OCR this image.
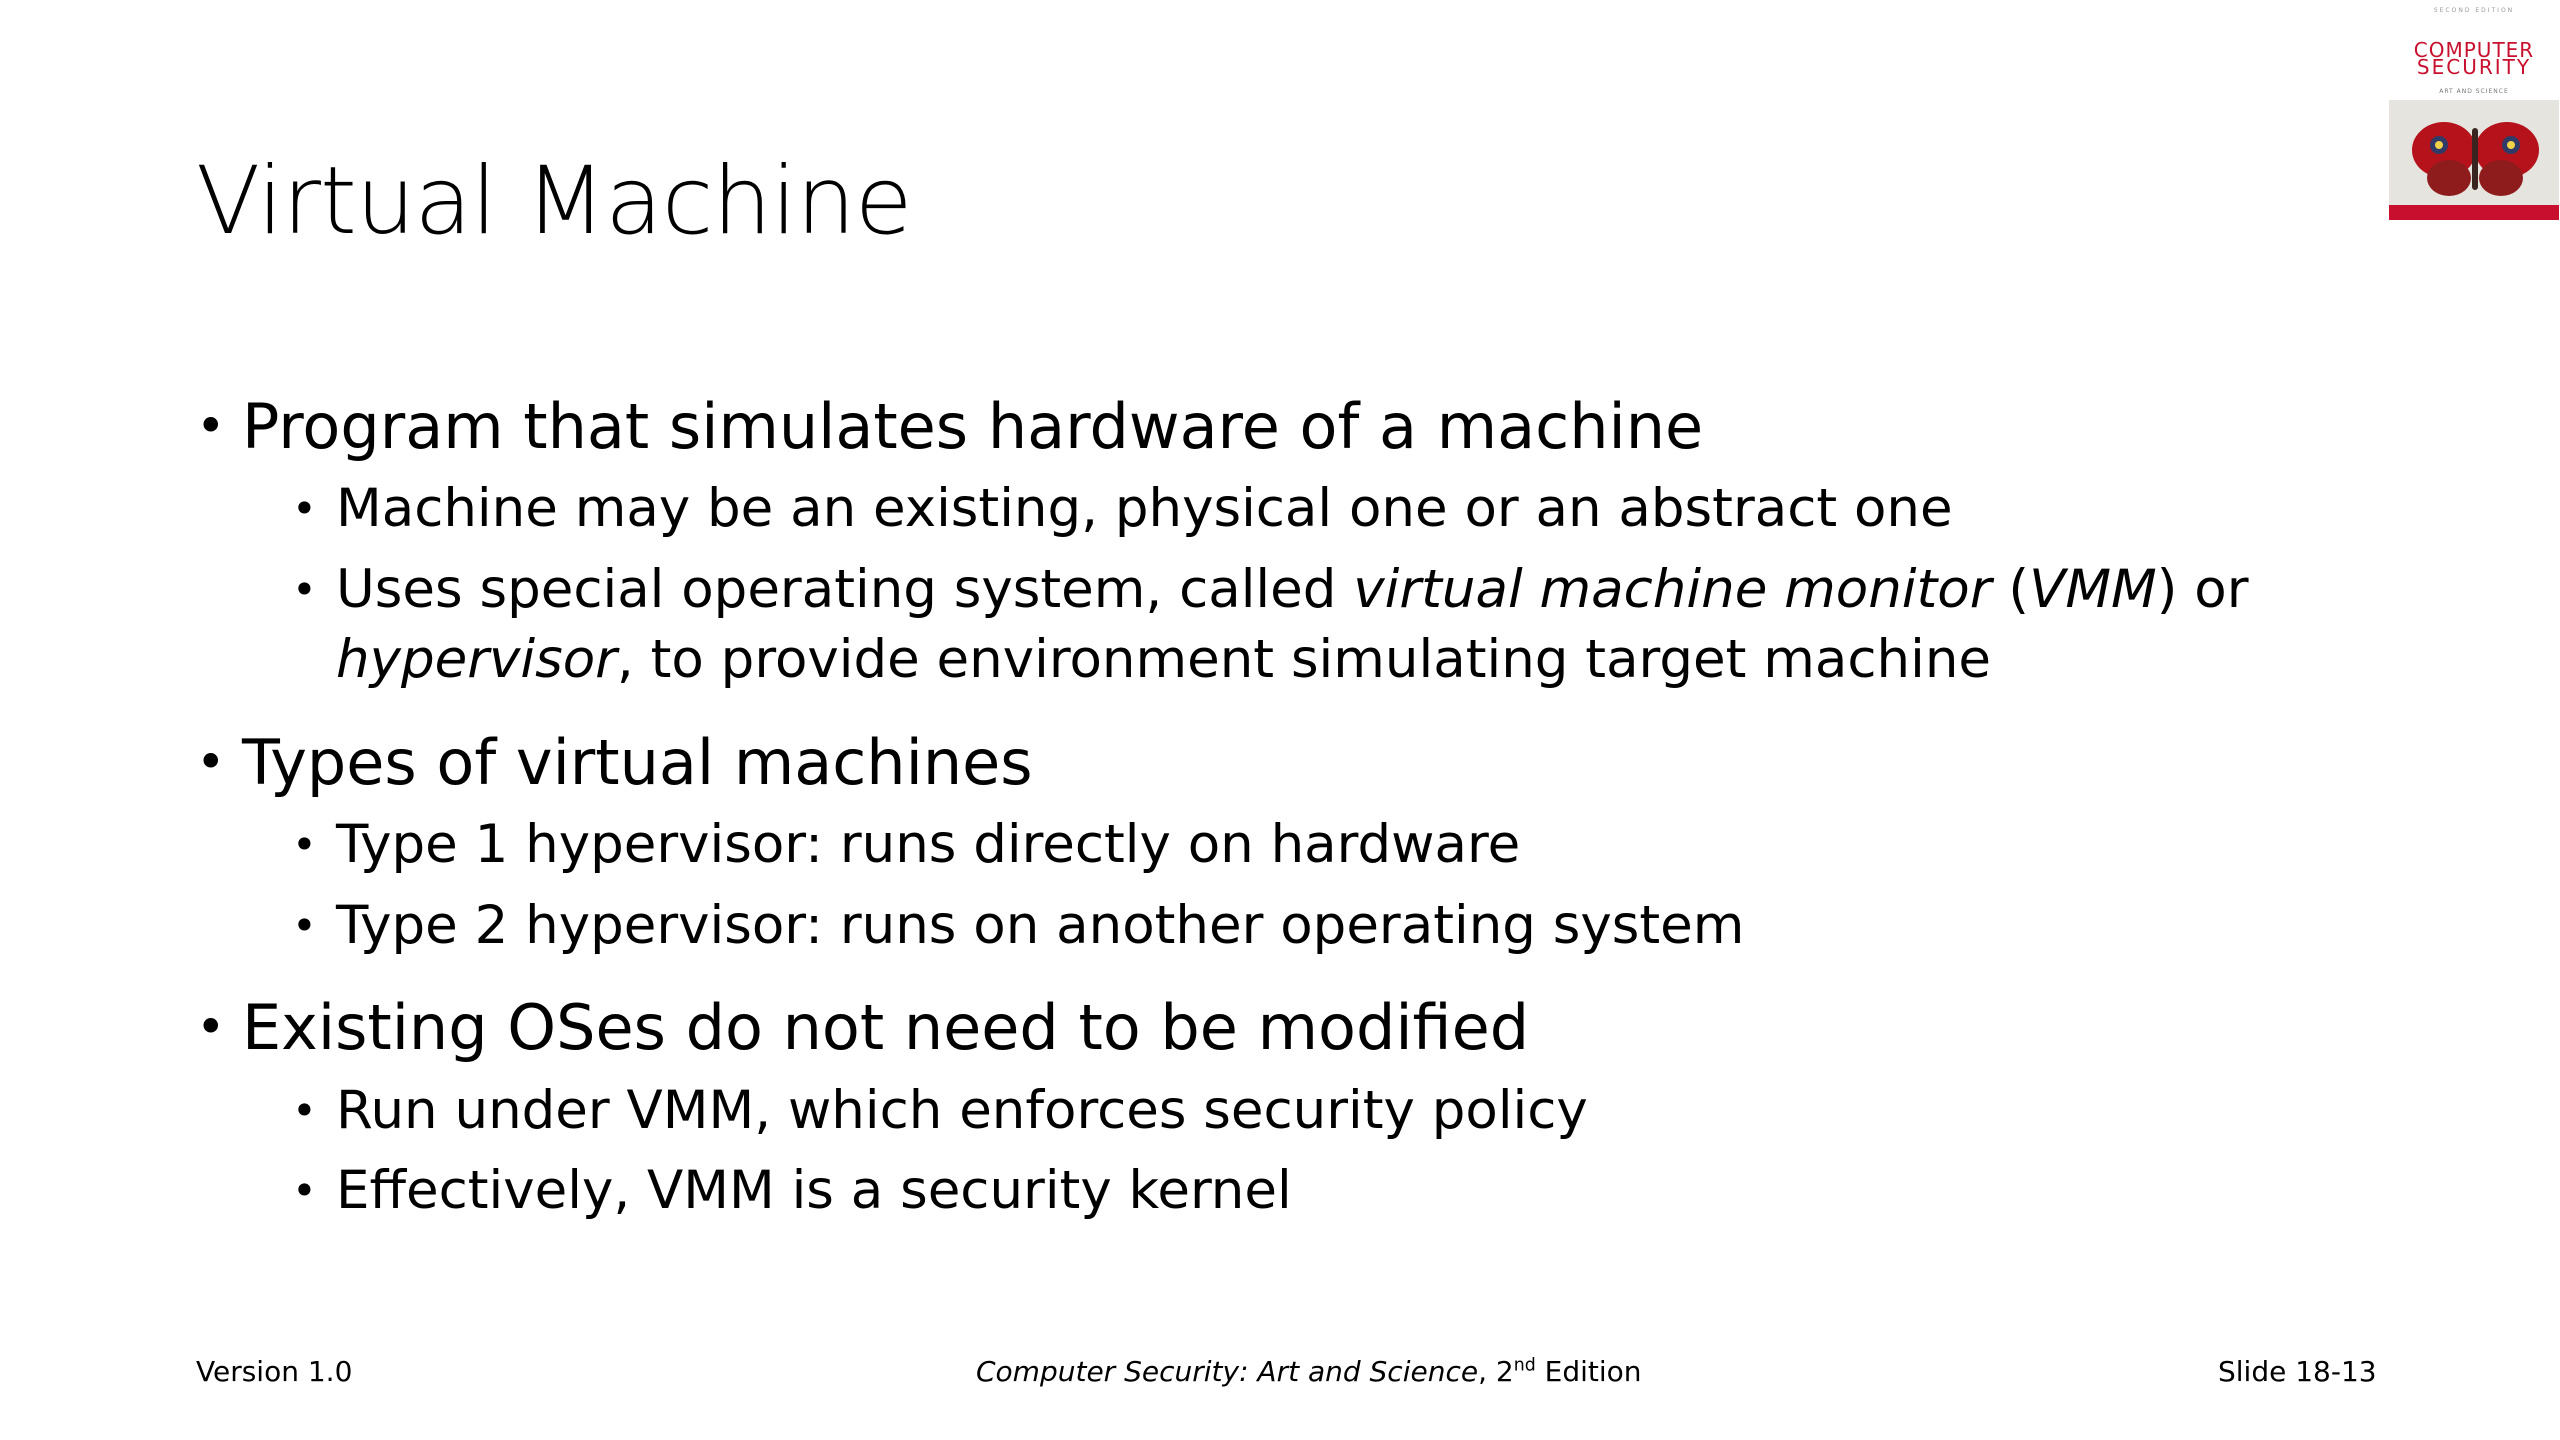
Virtual Machine
SECOND EDITION
COMPUTER
SECURITY
ART AND SCIENCE
• Program that simulates hardware of a machine
• Machine may be an existing, physical one or an abstract one
• Uses special operating system, called virtual machine monitor (VMM) or hypervisor, to provide environment simulating target machine
• Types of virtual machines
• Type 1 hypervisor: runs directly on hardware
• Type 2 hypervisor: runs on another operating system
• Existing OSes do not need to be modified
• Run under VMM, which enforces security policy
• Effectively, VMM is a security kernel
Version 1.0	Computer Security: Art and Science, 2nd Edition	Slide 18-13
